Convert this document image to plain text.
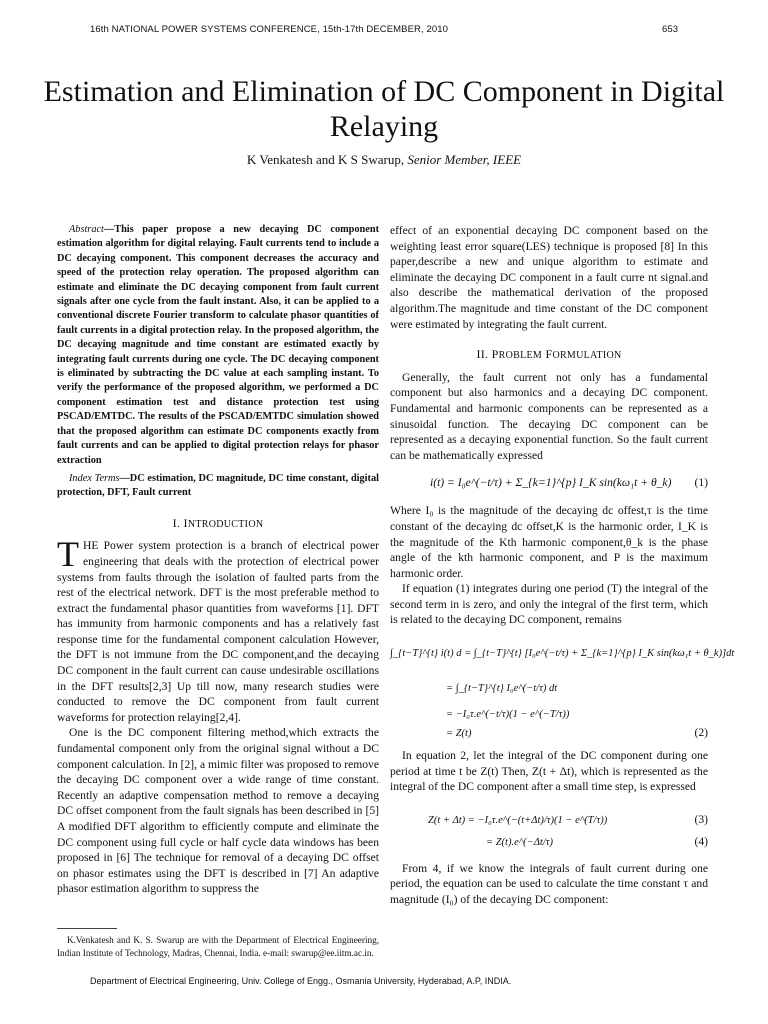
16th NATIONAL POWER SYSTEMS CONFERENCE, 15th-17th DECEMBER, 2010	653
Estimation and Elimination of DC Component in Digital Relaying
K Venkatesh and K S Swarup, Senior Member, IEEE

Abstract—This paper propose a new decaying DC component estimation algorithm for digital relaying. Fault currents tend to include a DC decaying component. This component decreases the accuracy and speed of the protection relay operation. The proposed algorithm can estimate and eliminate the DC decaying component from fault current signals after one cycle from the fault instant. Also, it can be applied to a conventional discrete Fourier transform to calculate phasor quantities of fault currents in a digital protection relay. In the proposed algorithm, the DC decaying magnitude and time constant are estimated exactly by integrating fault currents during one cycle. The DC decaying component is eliminated by subtracting the DC value at each sampling instant. To verify the performance of the proposed algorithm, we performed a DC component estimation test and distance protection test using PSCAD/EMTDC. The results of the PSCAD/EMTDC simulation showed that the proposed algorithm can estimate DC components exactly from fault currents and can be applied to digital protection relays for phasor extraction

Index Terms—DC estimation, DC magnitude, DC time constant, digital protection, DFT, Fault current

I. INTRODUCTION

THE Power system protection is a branch of electrical power engineering that deals with the protection of electrical power systems from faults through the isolation of faulted parts from the rest of the electrical network. DFT is the most preferable method to extract the fundamental phasor quantities from waveforms [1]. DFT has immunity from harmonic components and has a relatively fast response time for the fundamental component calculation However, the DFT is not immune from the DC component,and the decaying DC component in the fault current can cause undesirable oscillations in the DFT results[2,3] Up till now, many research studies were conducted to remove the DC component from fault current waveforms for protection relaying[2,4].

One is the DC component filtering method,which extracts the fundamental component only from the original signal without a DC component calculation. In [2], a mimic filter was proposed to remove the decaying DC component over a wide range of time constant. Recently an adaptive compensation method to remove a decaying DC offset component from the fault signals has been described in [5] A modified DFT algorithm to efficiently compute and eliminate the DC component using full cycle or half cycle data windows has been proposed in [6] The technique for removal of a decaying DC offset on phasor estimates using the DFT is described in [7] An adaptive phasor estimation algorithm to suppress the

K.Venkatesh and K. S. Swarup are with the Department of Electrical Engineering, Indian Institute of Technology, Madras, Chennai, India. e-mail: swarup@ee.iitm.ac.in.

effect of an exponential decaying DC component based on the weighting least error square(LES) technique is proposed [8] In this paper,describe a new and unique algorithm to estimate and eliminate the decaying DC component in a fault curre nt signal.and also describe the mathematical derivation of the proposed algorithm.The magnitude and time constant of the DC component were estimated by integrating the fault current.

II. PROBLEM FORMULATION

Generally, the fault current not only has a fundamental component but also harmonics and a decaying DC component. Fundamental and harmonic components can be represented as a sinusoidal function. The decaying DC component can be represented as a decaying exponential function. So the fault current can be mathematically expressed

i(t) = I₀e^(−t/τ) + Σ_{k=1}^{p} I_K sin(kω₁t + θ_k) (1)

Where I₀ is the magnitude of the decaying dc offest,τ is the time constant of the decaying dc offset,K is the harmonic order, I_K is the magnitude of the Kth harmonic component,θ_k is the phase angle of the kth harmonic component, and P is the maximum harmonic order.

If equation (1) integrates during one period (T) the integral of the second term in is zero, and only the integral of the first term, which is related to the decaying DC component, remains

∫_{t−T}^{t} i(t) d = ∫_{t−T}^{t} [I₀e^(−t/τ) + Σ_{k=1}^{p} I_K sin(kω₁t + θ_k)]dt
= ∫_{t−T}^{t} I₀e^(−t/τ) dt
= −I₀τ.e^(−t/τ)(1 − e^(−T/τ))
= Z(t)	(2)

In equation 2, let the integral of the DC component during one period at time t be Z(t) Then, Z(t + Δt), which is represented as the integral of the DC component after a small time step, is expressed

Z(t + Δt) = −I₀τ.e^(−(t+Δt)/τ)(1 − e^(T/τ))	(3)
= Z(t).e^(−Δt/τ)	(4)

From 4, if we know the integrals of fault current during one period, the equation can be used to calculate the time constant τ and magnitude (I₀) of the decaying DC component:

Department of Electrical Engineering, Univ. College of Engg., Osmania University, Hyderabad, A.P, INDIA.
